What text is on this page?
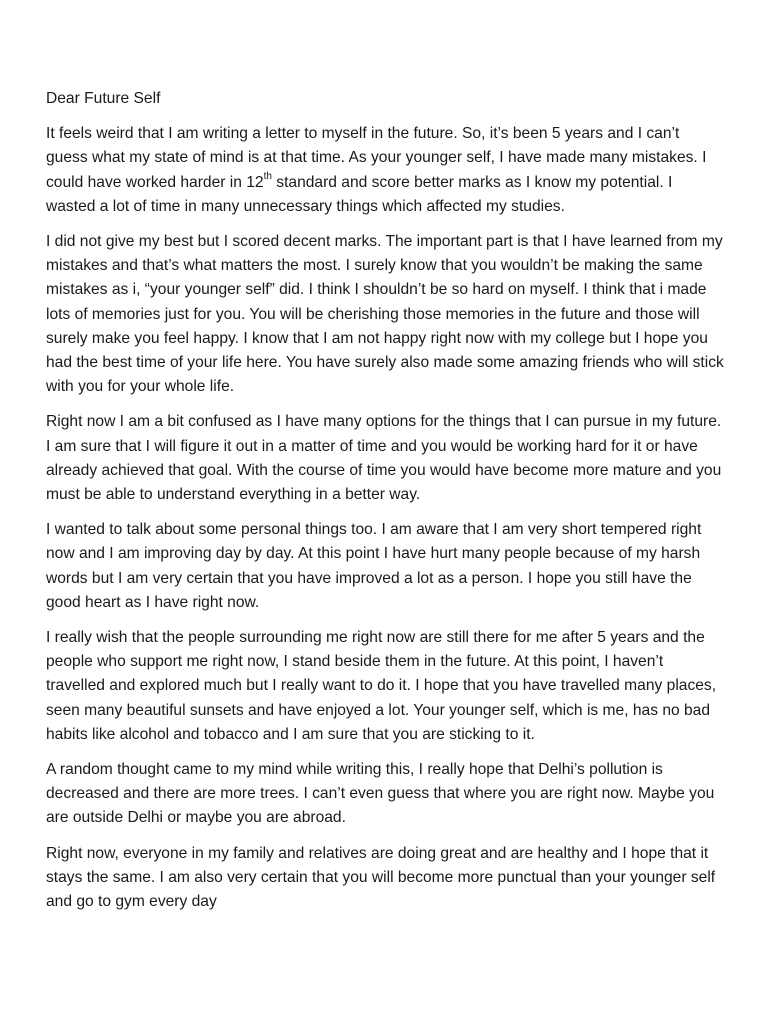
Dear Future Self

It feels weird that I am writing a letter to myself in the future. So, it’s been 5 years and I can’t guess what my state of mind is at that time. As your younger self, I have made many mistakes. I could have worked harder in 12th standard and score better marks as I know my potential. I wasted a lot of time in many unnecessary things which affected my studies.

I did not give my best but I scored decent marks. The important part is that I have learned from my mistakes and that’s what matters the most. I surely know that you wouldn’t be making the same mistakes as i, “your younger self” did. I think I shouldn’t be so hard on myself. I think that i made lots of memories just for you. You will be cherishing those memories in the future and those will surely make you feel happy. I know that I am not happy right now with my college but I hope you had the best time of your life here. You have surely also made some amazing friends who will stick with you for your whole life.

Right now I am a bit confused as I have many options for the things that I can pursue in my future. I am sure that I will figure it out in a matter of time and you would be working hard for it or have already achieved that goal. With the course of time you would have become more mature and you must be able to understand everything in a better way.

I wanted to talk about some personal things too. I am aware that I am very short tempered right now and I am improving day by day. At this point I have hurt many people because of my harsh words but I am very certain that you have improved a lot as a person. I hope you still have the good heart as I have right now.

I really wish that the people surrounding me right now are still there for me after 5 years and the people who support me right now, I stand beside them in the future. At this point, I haven’t travelled and explored much but I really want to do it. I hope that you have travelled many places, seen many beautiful sunsets and have enjoyed a lot. Your younger self, which is me, has no bad habits like alcohol and tobacco and I am sure that you are sticking to it.

A random thought came to my mind while writing this, I really hope that Delhi’s pollution is decreased and there are more trees. I can’t even guess that where you are right now. Maybe you are outside Delhi or maybe you are abroad.

Right now, everyone in my family and relatives are doing great and are healthy and I hope that it stays the same. I am also very certain that you will become more punctual than your younger self and go to gym every day
